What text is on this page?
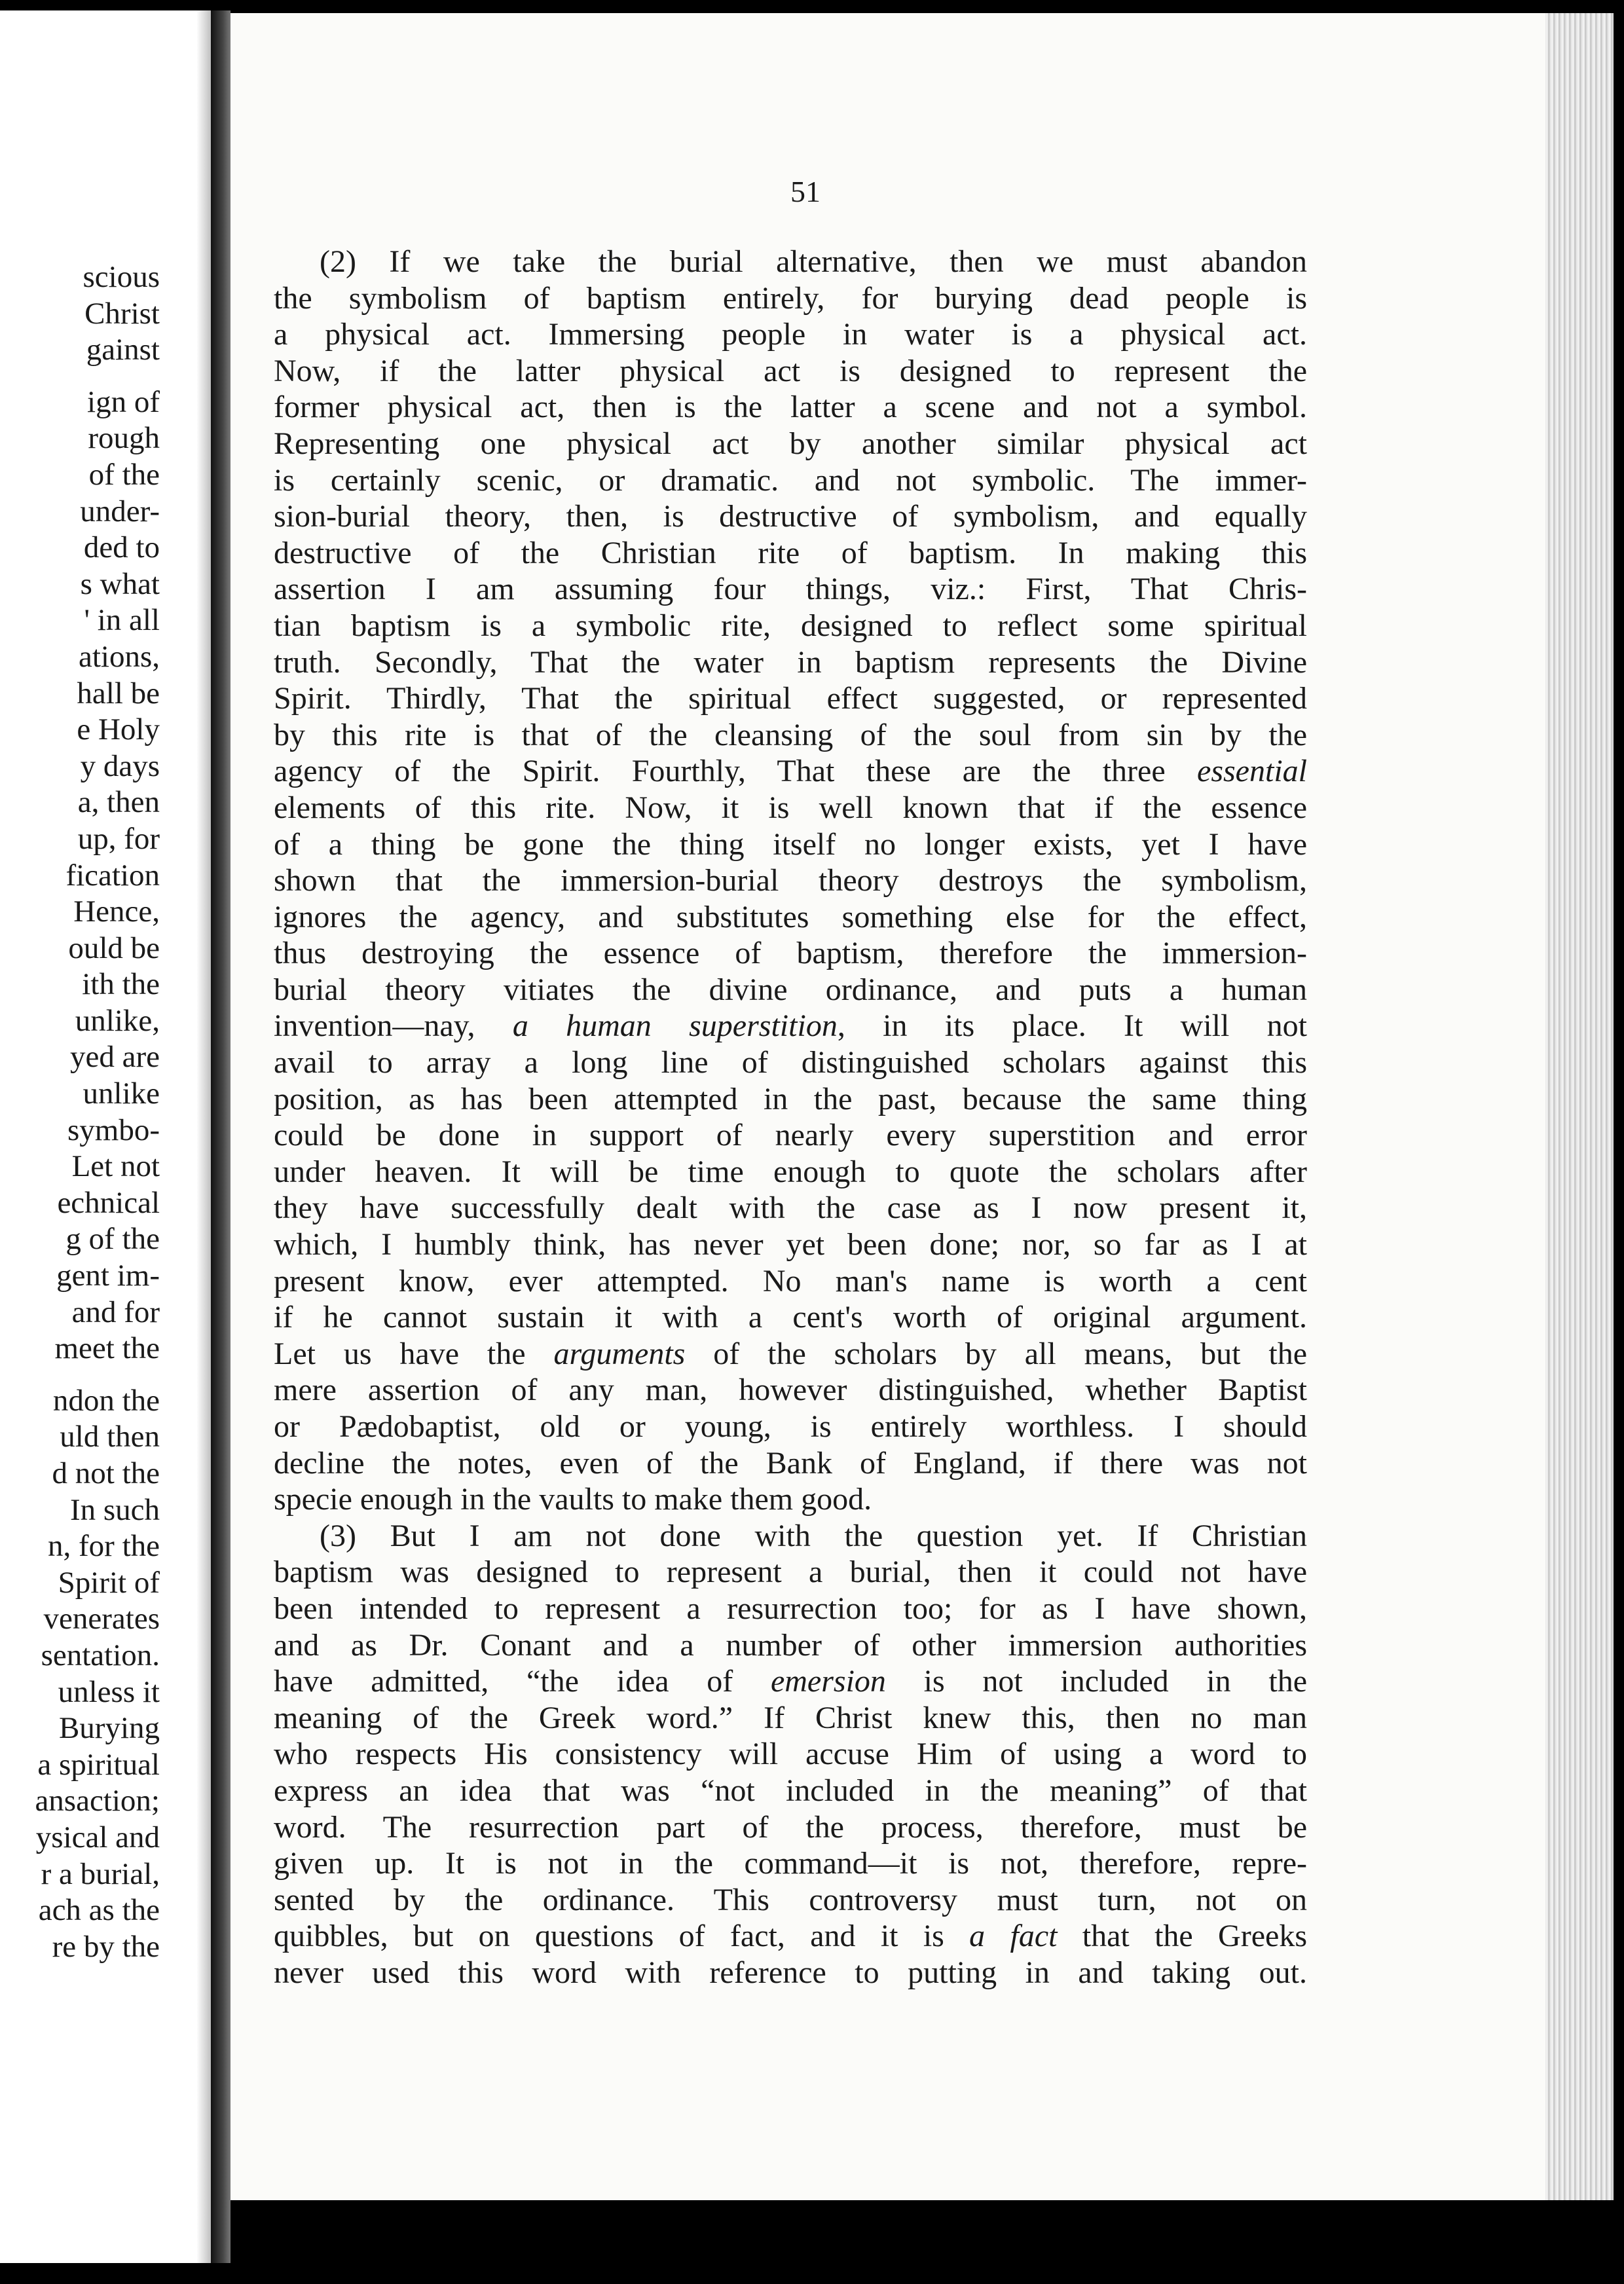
scious
Christ
gainst
ign of
rough
of the
under-
ded to
s what
' in all
ations,
hall be
e Holy
y days
a, then
up, for
fication
Hence,
ould be
ith the
unlike,
yed are
unlike
symbo-
Let not
echnical
g of the
gent im-
and for
meet the
ndon the
uld then
d not the
In such
n, for the
Spirit of
venerates
sentation.
unless it
Burying
a spiritual
ansaction;
ysical and
r a burial,
ach as the
re by the
51
(2) If we take the burial alternative, then we must abandon
the symbolism of baptism entirely, for burying dead people is
a physical act. Immersing people in water is a physical act.
Now, if the latter physical act is designed to represent the
former physical act, then is the latter a scene and not a symbol.
Representing one physical act by another similar physical act
is certainly scenic, or dramatic. and not symbolic. The immer-
sion-burial theory, then, is destructive of symbolism, and equally
destructive of the Christian rite of baptism. In making this
assertion I am assuming four things, viz.: First, That Chris-
tian baptism is a symbolic rite, designed to reflect some spiritual
truth. Secondly, That the water in baptism represents the Divine
Spirit. Thirdly, That the spiritual effect suggested, or represented
by this rite is that of the cleansing of the soul from sin by the
agency of the Spirit. Fourthly, That these are the three essential
elements of this rite. Now, it is well known that if the essence
of a thing be gone the thing itself no longer exists, yet I have
shown that the immersion-burial theory destroys the symbolism,
ignores the agency, and substitutes something else for the effect,
thus destroying the essence of baptism, therefore the immersion-
burial theory vitiates the divine ordinance, and puts a human
invention—nay, a human superstition, in its place. It will not
avail to array a long line of distinguished scholars against this
position, as has been attempted in the past, because the same thing
could be done in support of nearly every superstition and error
under heaven. It will be time enough to quote the scholars after
they have successfully dealt with the case as I now present it,
which, I humbly think, has never yet been done; nor, so far as I at
present know, ever attempted. No man's name is worth a cent
if he cannot sustain it with a cent's worth of original argument.
Let us have the arguments of the scholars by all means, but the
mere assertion of any man, however distinguished, whether Baptist
or Pædobaptist, old or young, is entirely worthless. I should
decline the notes, even of the Bank of England, if there was not
specie enough in the vaults to make them good.
(3) But I am not done with the question yet. If Christian
baptism was designed to represent a burial, then it could not have
been intended to represent a resurrection too; for as I have shown,
and as Dr. Conant and a number of other immersion authorities
have admitted, “the idea of emersion is not included in the
meaning of the Greek word.” If Christ knew this, then no man
who respects His consistency will accuse Him of using a word to
express an idea that was “not included in the meaning” of that
word. The resurrection part of the process, therefore, must be
given up. It is not in the command—it is not, therefore, repre-
sented by the ordinance. This controversy must turn, not on
quibbles, but on questions of fact, and it is a fact that the Greeks
never used this word with reference to putting in and taking out.
